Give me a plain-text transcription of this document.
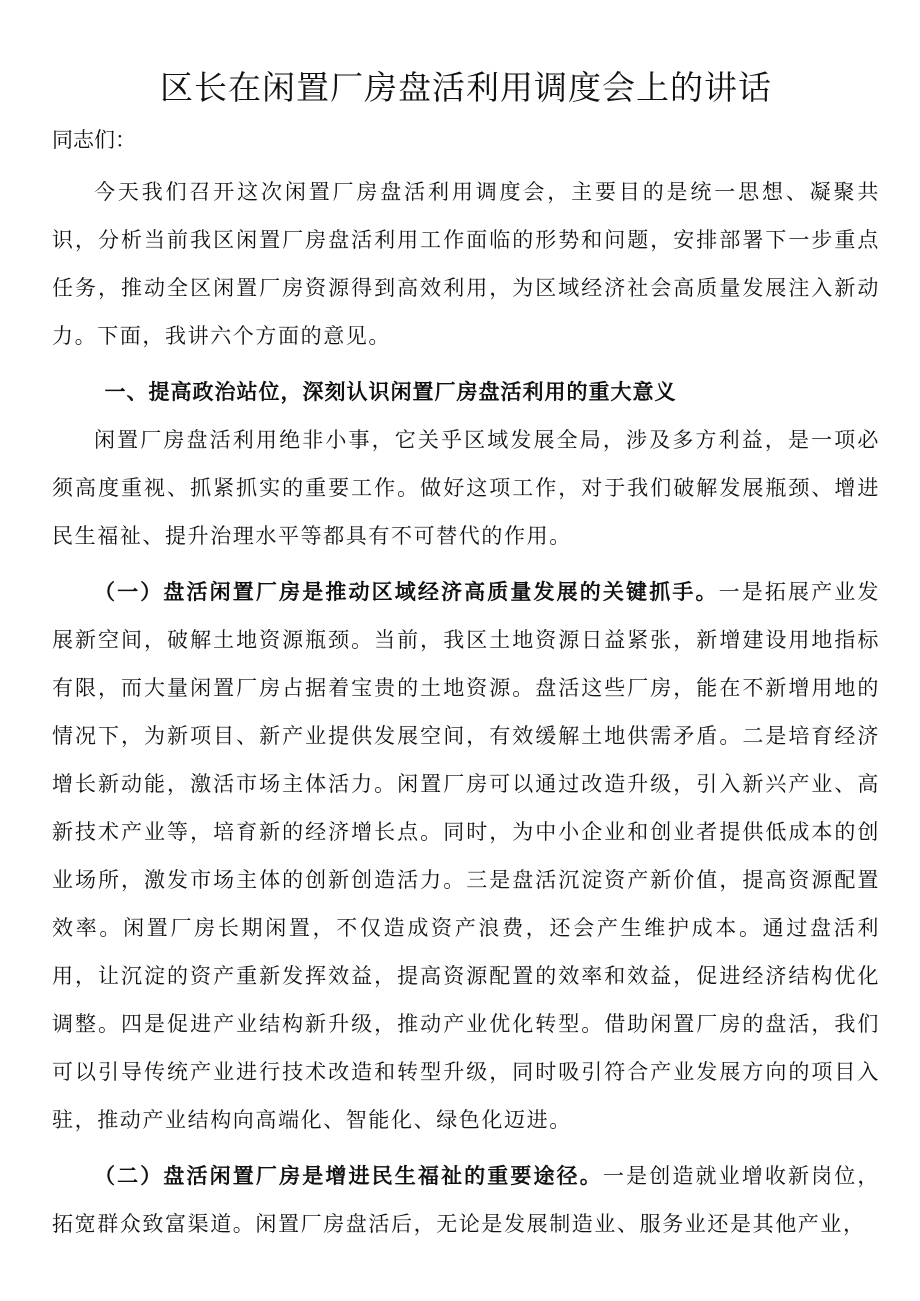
区长在闲置厂房盘活利用调度会上的讲话

同志们：

今天我们召开这次闲置厂房盘活利用调度会，主要目的是统一思想、凝聚共识，分析当前我区闲置厂房盘活利用工作面临的形势和问题，安排部署下一步重点任务，推动全区闲置厂房资源得到高效利用，为区域经济社会高质量发展注入新动力。下面，我讲六个方面的意见。

一、提高政治站位，深刻认识闲置厂房盘活利用的重大意义

闲置厂房盘活利用绝非小事，它关乎区域发展全局，涉及多方利益，是一项必须高度重视、抓紧抓实的重要工作。做好这项工作，对于我们破解发展瓶颈、增进民生福祉、提升治理水平等都具有不可替代的作用。

（一）盘活闲置厂房是推动区域经济高质量发展的关键抓手。一是拓展产业发展新空间，破解土地资源瓶颈。当前，我区土地资源日益紧张，新增建设用地指标有限，而大量闲置厂房占据着宝贵的土地资源。盘活这些厂房，能在不新增用地的情况下，为新项目、新产业提供发展空间，有效缓解土地供需矛盾。二是培育经济增长新动能，激活市场主体活力。闲置厂房可以通过改造升级，引入新兴产业、高新技术产业等，培育新的经济增长点。同时，为中小企业和创业者提供低成本的创业场所，激发市场主体的创新创造活力。三是盘活沉淀资产新价值，提高资源配置效率。闲置厂房长期闲置，不仅造成资产浪费，还会产生维护成本。通过盘活利用，让沉淀的资产重新发挥效益，提高资源配置的效率和效益，促进经济结构优化调整。四是促进产业结构新升级，推动产业优化转型。借助闲置厂房的盘活，我们可以引导传统产业进行技术改造和转型升级，同时吸引符合产业发展方向的项目入驻，推动产业结构向高端化、智能化、绿色化迈进。

（二）盘活闲置厂房是增进民生福祉的重要途径。一是创造就业增收新岗位，拓宽群众致富渠道。闲置厂房盘活后，无论是发展制造业、服务业还是其他产业，
